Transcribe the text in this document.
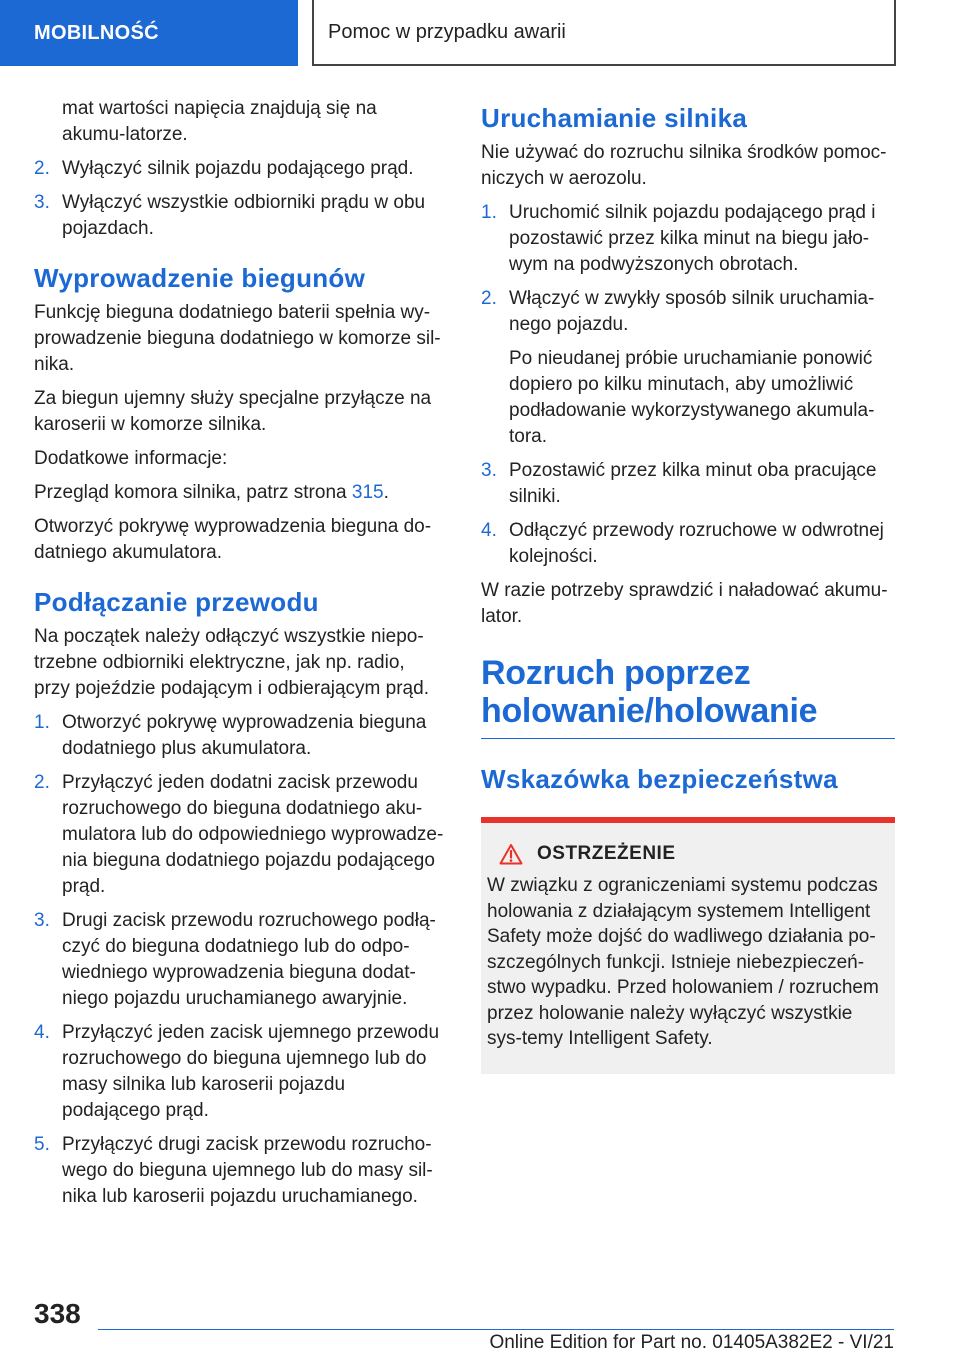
MOBILNOŚĆ	Pomoc w przypadku awarii

mat wartości napięcia znajdują się na akumu-latorze.

2. Wyłączyć silnik pojazdu podającego prąd.
3. Wyłączyć wszystkie odbiorniki prądu w obu pojazdach.
Wyprowadzenie biegunów

Funkcję bieguna dodatniego baterii spełnia wy-prowadzenie bieguna dodatniego w komorze sil-nika.

Za biegun ujemny służy specjalne przyłącze na karoserii w komorze silnika.

Dodatkowe informacje:

Przegląd komora silnika, patrz strona 315.

Otworzyć pokrywę wyprowadzenia bieguna do-datniego akumulatora.

Podłączanie przewodu

Na początek należy odłączyć wszystkie niepo-trzebne odbiorniki elektryczne, jak np. radio, przy pojeździe podającym i odbierającym prąd.

1. Otworzyć pokrywę wyprowadzenia bieguna dodatniego plus akumulatora.
2. Przyłączyć jeden dodatni zacisk przewodu rozruchowego do bieguna dodatniego aku-mulatora lub do odpowiedniego wyprowadze-nia bieguna dodatniego pojazdu podającego prąd.
3. Drugi zacisk przewodu rozruchowego podłą-czyć do bieguna dodatniego lub do odpo-wiedniego wyprowadzenia bieguna dodat-niego pojazdu uruchamianego awaryjnie.
4. Przyłączyć jeden zacisk ujemnego przewodu rozruchowego do bieguna ujemnego lub do masy silnika lub karoserii pojazdu podającego prąd.
5. Przyłączyć drugi zacisk przewodu rozrucho-wego do bieguna ujemnego lub do masy sil-nika lub karoserii pojazdu uruchamianego.
Uruchamianie silnika

Nie używać do rozruchu silnika środków pomoc-niczych w aerozolu.

1. Uruchomić silnik pojazdu podającego prąd i pozostawić przez kilka minut na biegu jało-wym na podwyższonych obrotach.
2. Włączyć w zwykły sposób silnik uruchamia-nego pojazdu.

Po nieudanej próbie uruchamianie ponowić dopiero po kilku minutach, aby umożliwić podładowanie wykorzystywanego akumula-tora.

3. Pozostawić przez kilka minut oba pracujące silniki.
4. Odłączyć przewody rozruchowe w odwrotnej kolejności.

W razie potrzeby sprawdzić i naładować akumu-lator.

Rozruch poprzez holowanie/holowanie
Wskazówka bezpieczeństwa
OSTRZEŻENIE
W związku z ograniczeniami systemu podczas holowania z działającym systemem Intelligent Safety może dojść do wadliwego działania po-szczególnych funkcji. Istnieje niebezpieczeń-stwo wypadku. Przed holowaniem / rozruchem przez holowanie należy wyłączyć wszystkie sys-temy Intelligent Safety.
338
Online Edition for Part no. 01405A382E2 - VI/21
